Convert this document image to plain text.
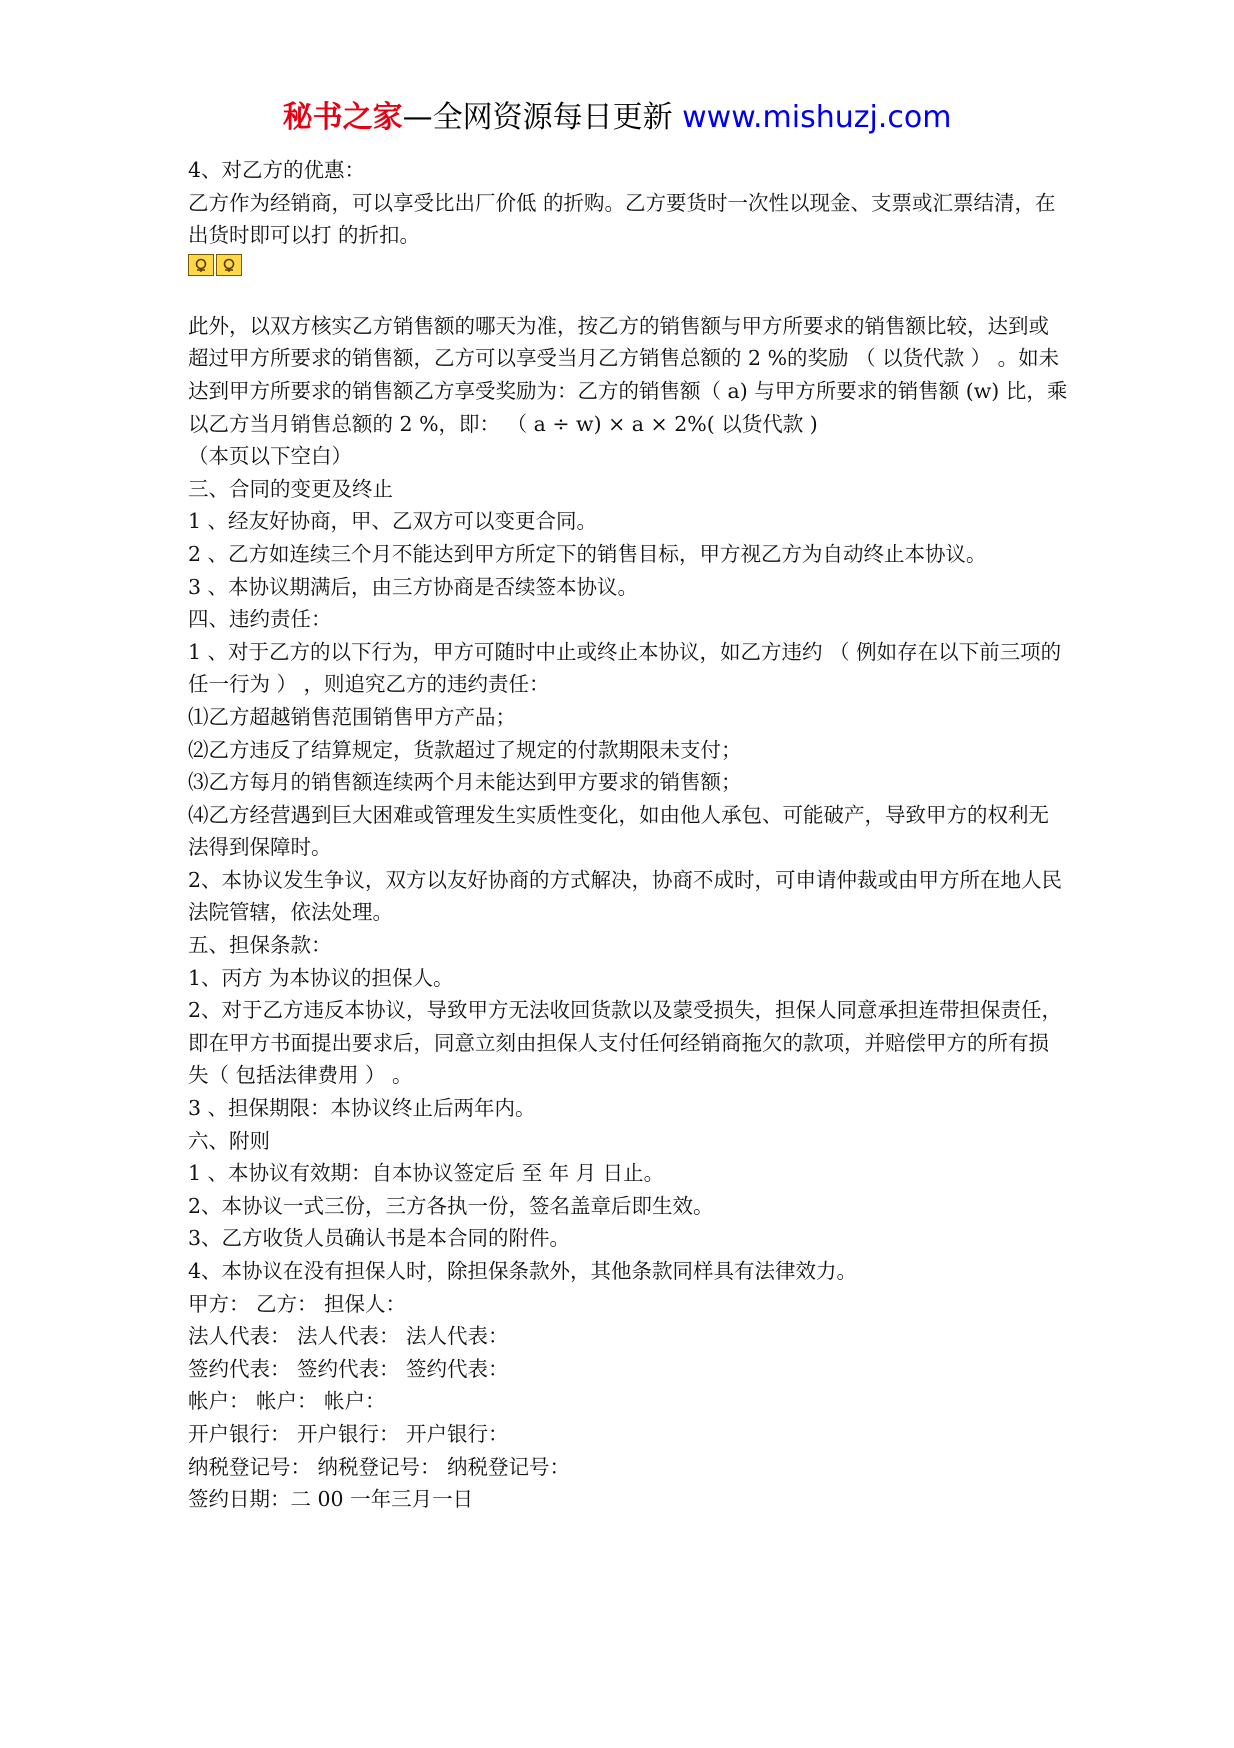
秘书之家—全网资源每日更新 www.mishuzj.com
4、对乙方的优惠：
乙方作为经销商，可以享受比出厂价低 的折购。乙方要货时一次性以现金、支票或汇票结清，在出货时即可以打 的折扣。
此外，以双方核实乙方销售额的哪天为准，按乙方的销售额与甲方所要求的销售额比较，达到或超过甲方所要求的销售额，乙方可以享受当月乙方销售总额的 2 %的奖励 （ 以货代款 ） 。如未达到甲方所要求的销售额乙方享受奖励为：乙方的销售额（ a) 与甲方所要求的销售额 (w) 比，乘以乙方当月销售总额的 2 %，即： （ a ÷ w) × a × 2%( 以货代款 )
（本页以下空白）
三、合同的变更及终止
1 、经友好协商，甲、乙双方可以变更合同。
2 、乙方如连续三个月不能达到甲方所定下的销售目标，甲方视乙方为自动终止本协议。
3 、本协议期满后，由三方协商是否续签本协议。
四、违约责任：
1 、对于乙方的以下行为，甲方可随时中止或终止本协议，如乙方违约 （ 例如存在以下前三项的任一行为 ） ，则追究乙方的违约责任：
⑴乙方超越销售范围销售甲方产品；
⑵乙方违反了结算规定，货款超过了规定的付款期限未支付；
⑶乙方每月的销售额连续两个月未能达到甲方要求的销售额；
⑷乙方经营遇到巨大困难或管理发生实质性变化，如由他人承包、可能破产，导致甲方的权利无法得到保障时。
2、本协议发生争议，双方以友好协商的方式解决，协商不成时，可申请仲裁或由甲方所在地人民法院管辖，依法处理。
五、担保条款：
1、丙方 为本协议的担保人。
2、对于乙方违反本协议，导致甲方无法收回货款以及蒙受损失，担保人同意承担连带担保责任，即在甲方书面提出要求后，同意立刻由担保人支付任何经销商拖欠的款项，并赔偿甲方的所有损失（ 包括法律费用 ） 。
3 、担保期限：本协议终止后两年内。
六、附则
1 、本协议有效期：自本协议签定后 至 年 月 日止。
2、本协议一式三份，三方各执一份，签名盖章后即生效。
3、乙方收货人员确认书是本合同的附件。
4、本协议在没有担保人时，除担保条款外，其他条款同样具有法律效力。
甲方： 乙方： 担保人：
法人代表： 法人代表： 法人代表：
签约代表： 签约代表： 签约代表：
帐户： 帐户： 帐户：
开户银行： 开户银行： 开户银行：
纳税登记号： 纳税登记号： 纳税登记号：
签约日期：二 00 一年三月一日
